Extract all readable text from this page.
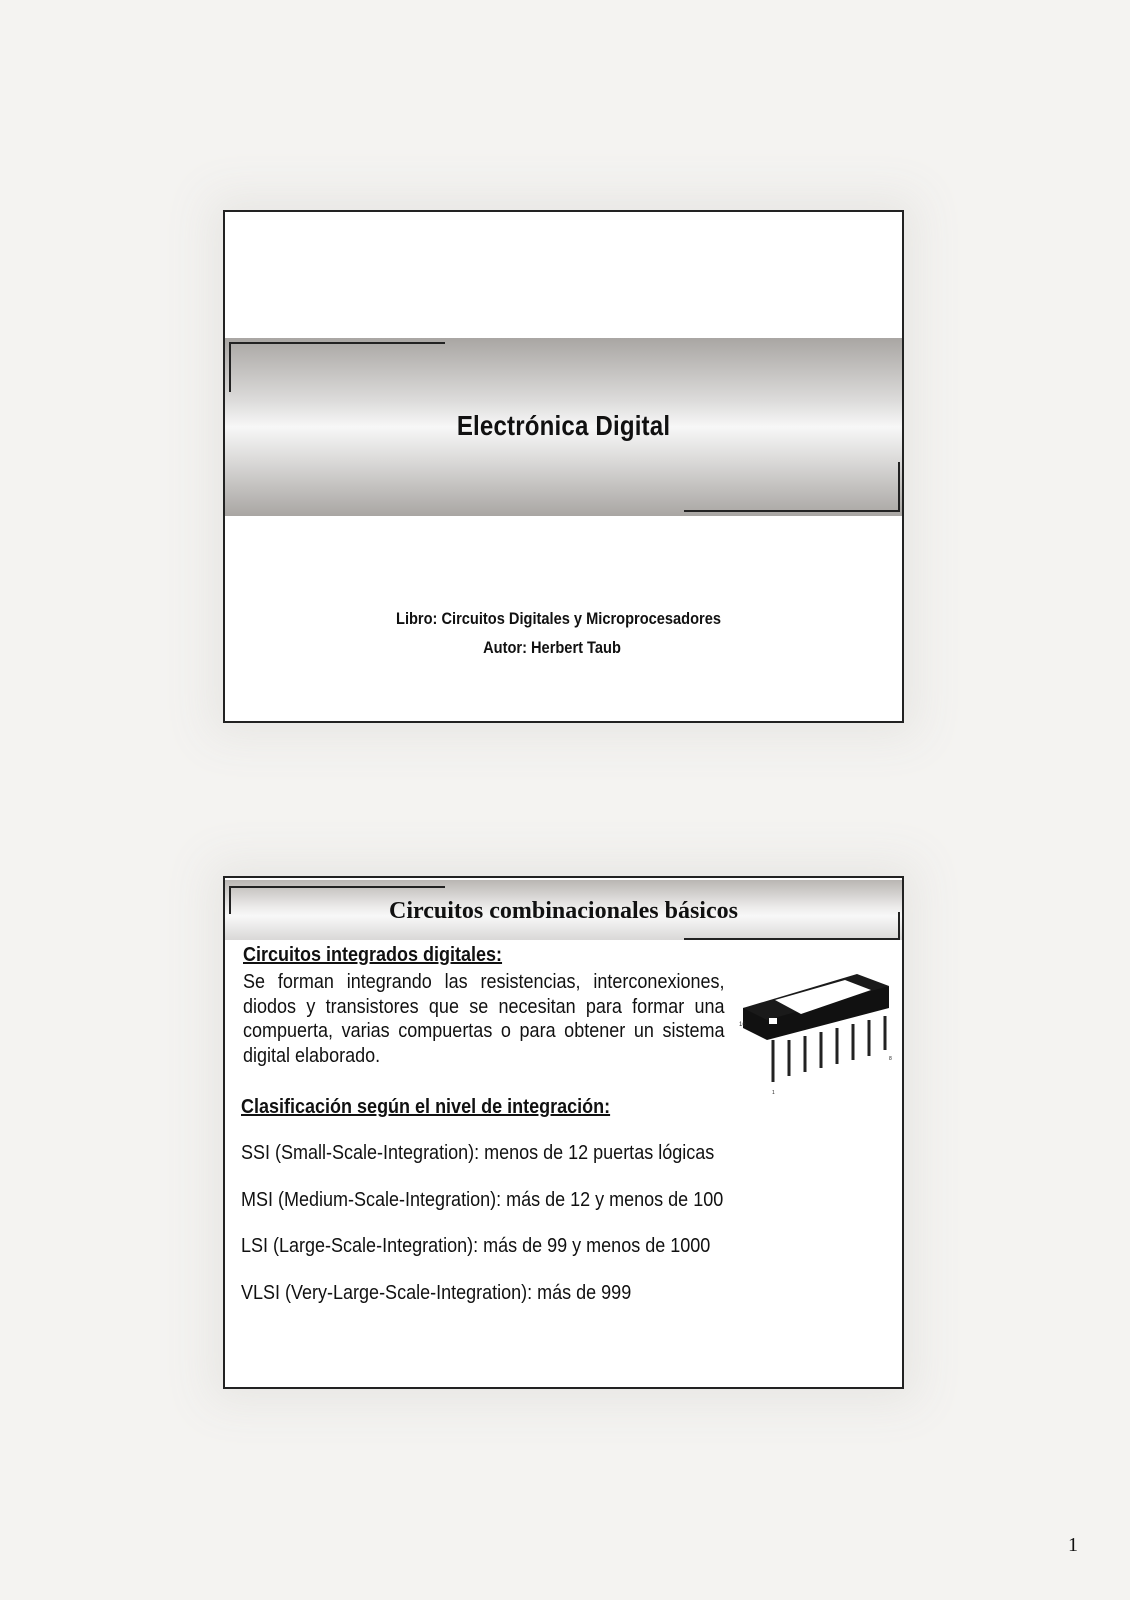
Electrónica Digital
Libro: Circuitos Digitales y Microprocesadores
Autor: Herbert Taub
Circuitos combinacionales básicos
Circuitos integrados digitales:
Se forman integrando las resistencias, interconexiones, diodos y transistores que se necesitan para formar una compuerta, varias compuertas o para obtener un sistema digital elaborado.
16
1
8
Clasificación según el nivel de integración:
SSI (Small-Scale-Integration): menos de 12 puertas lógicas
MSI (Medium-Scale-Integration): más de 12 y menos de 100
LSI (Large-Scale-Integration): más de 99 y menos de 1000
VLSI (Very-Large-Scale-Integration): más de 999
1
